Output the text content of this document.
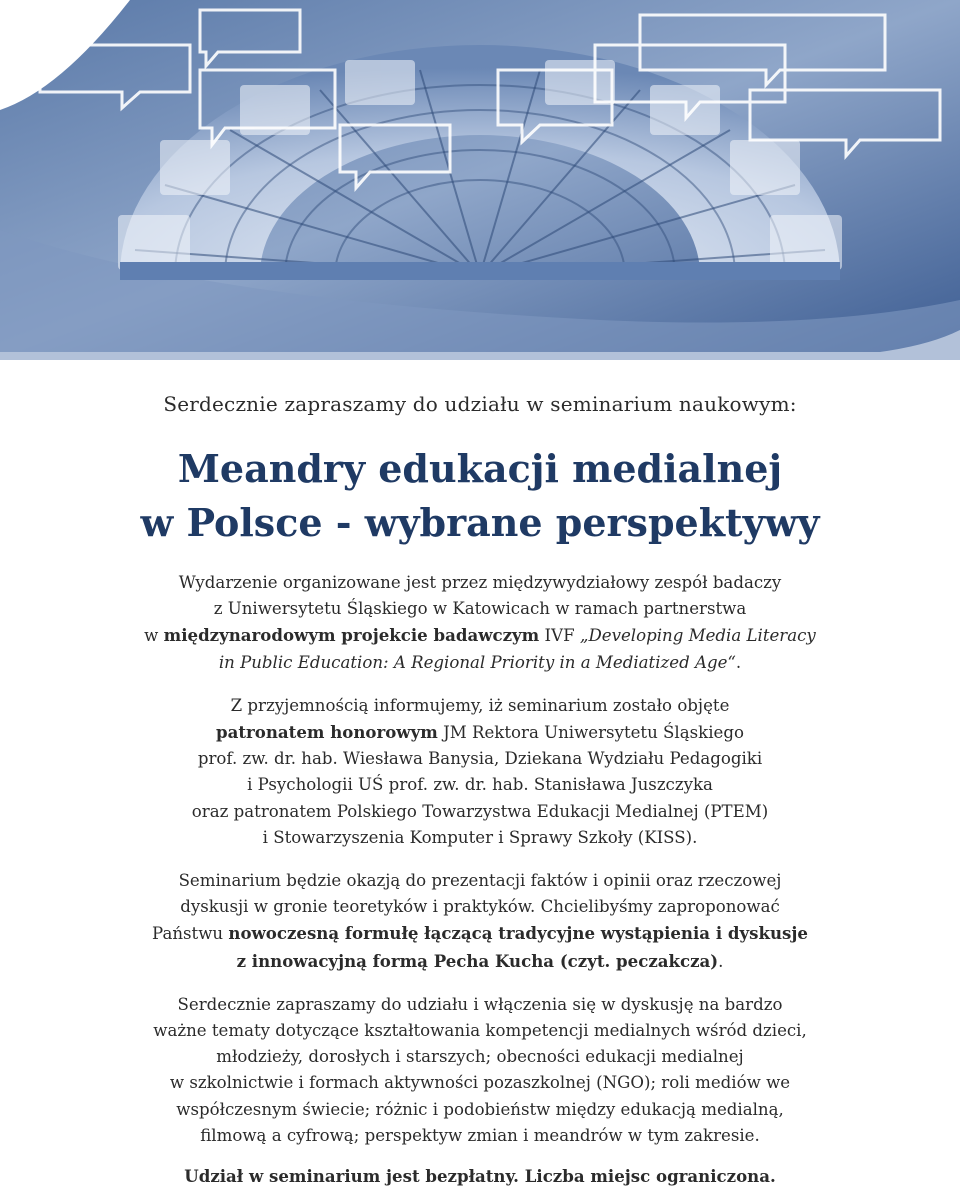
Serdecznie zapraszamy do udziału w seminarium naukowym:

Meandry edukacji medialnej
w Polsce - wybrane perspektywy

Wydarzenie organizowane jest przez międzywydziałowy zespół badaczy
z Uniwersytetu Śląskiego w Katowicach w ramach partnerstwa
w międzynarodowym projekcie badawczym IVF „Developing Media Literacy
in Public Education: A Regional Priority in a Mediatized Age“.

Z przyjemnością informujemy, iż seminarium zostało objęte
patronatem honorowym JM Rektora Uniwersytetu Śląskiego
prof. zw. dr. hab. Wiesława Banysia, Dziekana Wydziału Pedagogiki
i Psychologii UŚ prof. zw. dr. hab. Stanisława Juszczyka
oraz patronatem Polskiego Towarzystwa Edukacji Medialnej (PTEM)
i Stowarzyszenia Komputer i Sprawy Szkoły (KISS).

Seminarium będzie okazją do prezentacji faktów i opinii oraz rzeczowej
dyskusji w gronie teoretyków i praktyków. Chcielibyśmy zaproponować
Państwu nowoczesną formułę łączącą tradycyjne wystąpienia i dyskusje
z innowacyjną formą Pecha Kucha (czyt. peczakcza).

Serdecznie zapraszamy do udziału i włączenia się w dyskusję na bardzo
ważne tematy dotyczące kształtowania kompetencji medialnych wśród dzieci,
młodzieży, dorosłych i starszych; obecności edukacji medialnej
w szkolnictwie i formach aktywności pozaszkolnej (NGO); roli mediów we
współczesnym świecie; różnic i podobieństw między edukacją medialną,
filmową a cyfrową; perspektyw zmian i meandrów w tym zakresie.

Udział w seminarium jest bezpłatny. Liczba miejsc ograniczona.
